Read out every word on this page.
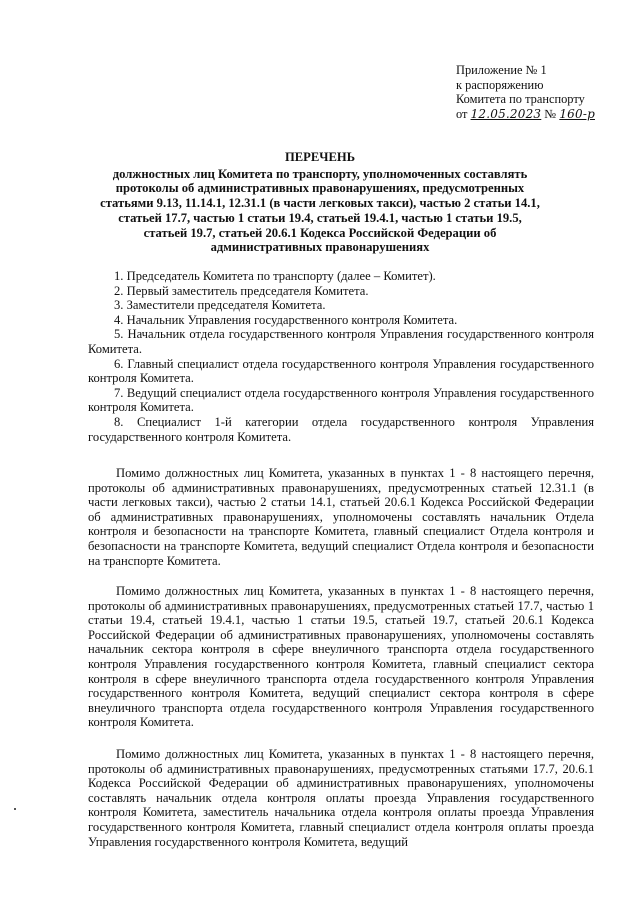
Приложение № 1
к распоряжению
Комитета по транспорту
от 12.05.2023 № 160-р
ПЕРЕЧЕНЬ
должностных лиц Комитета по транспорту, уполномоченных составлять протоколы об административных правонарушениях, предусмотренных статьями 9.13, 11.14.1, 12.31.1 (в части легковых такси), частью 2 статьи 14.1, статьей 17.7, частью 1 статьи 19.4, статьей 19.4.1, частью 1 статьи 19.5, статьей 19.7, статьей 20.6.1 Кодекса Российской Федерации об административных правонарушениях
1. Председатель Комитета по транспорту (далее – Комитет).
2. Первый заместитель председателя Комитета.
3. Заместители председателя Комитета.
4. Начальник Управления государственного контроля Комитета.
5. Начальник отдела государственного контроля Управления государственного контроля Комитета.
6. Главный специалист отдела государственного контроля Управления государственного контроля Комитета.
7. Ведущий специалист отдела государственного контроля Управления государственного контроля Комитета.
8. Специалист 1-й категории отдела государственного контроля Управления государственного контроля Комитета.
Помимо должностных лиц Комитета, указанных в пунктах 1 - 8 настоящего перечня, протоколы об административных правонарушениях, предусмотренных статьей 12.31.1 (в части легковых такси), частью 2 статьи 14.1, статьей 20.6.1 Кодекса Российской Федерации об административных правонарушениях, уполномочены составлять начальник Отдела контроля и безопасности на транспорте Комитета, главный специалист Отдела контроля и безопасности на транспорте Комитета, ведущий специалист Отдела контроля и безопасности на транспорте Комитета.
Помимо должностных лиц Комитета, указанных в пунктах 1 - 8 настоящего перечня, протоколы об административных правонарушениях, предусмотренных статьей 17.7, частью 1 статьи 19.4, статьей 19.4.1, частью 1 статьи 19.5, статьей 19.7, статьей 20.6.1 Кодекса Российской Федерации об административных правонарушениях, уполномочены составлять начальник сектора контроля в сфере внеуличного транспорта отдела государственного контроля Управления государственного контроля Комитета, главный специалист сектора контроля в сфере внеуличного транспорта отдела государственного контроля Управления государственного контроля Комитета, ведущий специалист сектора контроля в сфере внеуличного транспорта отдела государственного контроля Управления государственного контроля Комитета.
Помимо должностных лиц Комитета, указанных в пунктах 1 - 8 настоящего перечня, протоколы об административных правонарушениях, предусмотренных статьями 17.7, 20.6.1 Кодекса Российской Федерации об административных правонарушениях, уполномочены составлять начальник отдела контроля оплаты проезда Управления государственного контроля Комитета, заместитель начальника отдела контроля оплаты проезда Управления государственного контроля Комитета, главный специалист отдела контроля оплаты проезда Управления государственного контроля Комитета, ведущий
